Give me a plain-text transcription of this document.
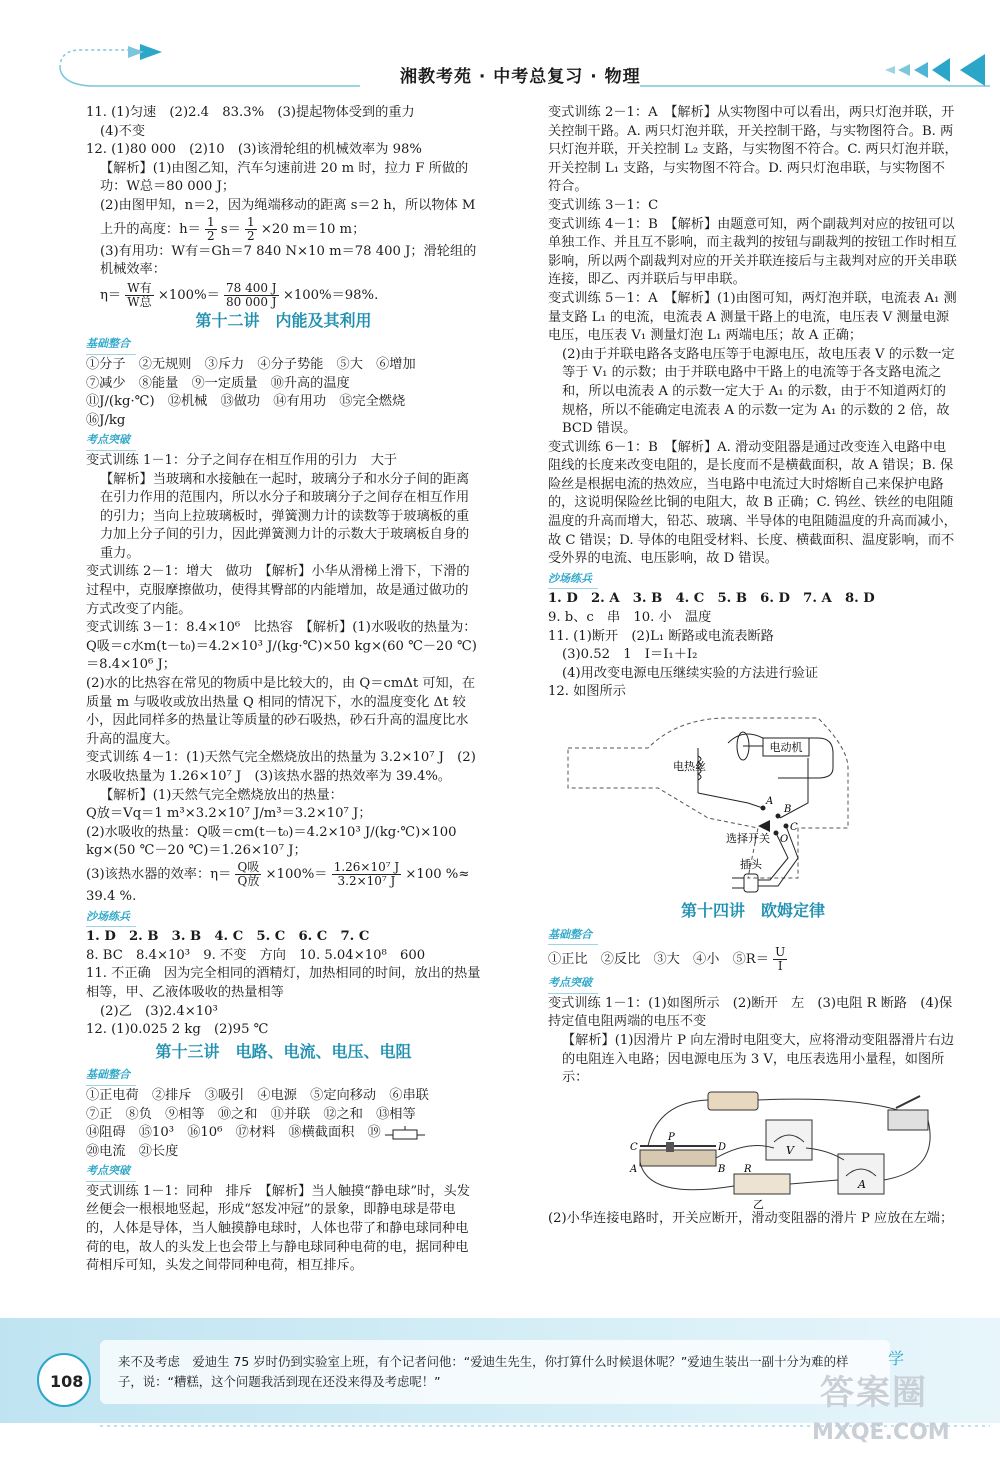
湘教考苑 · 中考总复习 · 物理

11. (1)匀速　(2)2.4　83.3%　(3)提起物体受到的重力

(4)不变

12. (1)80 000　(2)10　(3)该滑轮组的机械效率为 98%

【解析】(1)由图乙知，汽车匀速前进 20 m 时，拉力 F 所做的功：W总＝80 000 J；

(2)由图甲知，n＝2，因为绳端移动的距离 s＝2 h，所以物体 M 上升的高度：$h= \frac{1}{2} s= \frac{1}{2} \times 20$ m＝10 m；

(3)有用功：W有＝Gh＝7 840 N×10 m＝78 400 J；滑轮组的机械效率：

$\eta= \frac{\text{W有}}{\text{W总}} \times 100\%= \frac{78 400 J}{80 000 J} \times 100\%=98\%$.

第十二讲　内能及其利用
基础整合

①分子　②无规则　③斥力　④分子势能　⑤大　⑥增加

⑦减少　⑧能量　⑨一定质量　⑩升高的温度

⑪J/(kg·℃)　⑫机械　⑬做功　⑭有用功　⑮完全燃烧

⑯J/kg

考点突破

变式训练 1－1：分子之间存在相互作用的引力　大于

【解析】当玻璃和水接触在一起时，玻璃分子和水分子间的距离在引力作用的范围内，所以水分子和玻璃分子之间存在相互作用的引力；当向上拉玻璃板时，弹簧测力计的读数等于玻璃板的重力加上分子间的引力，因此弹簧测力计的示数大于玻璃板自身的重力。

变式训练 2－1：增大　做功　【解析】小华从滑梯上滑下，下滑的过程中，克服摩擦做功，使得其臀部的内能增加，故是通过做功的方式改变了内能。

变式训练 3－1：8.4×10⁶　比热容　【解析】(1)水吸收的热量为：Q吸＝c水m(t－t₀)＝4.2×10³ J/(kg·℃)×50 kg×(60 ℃－20 ℃)＝8.4×10⁶ J；

(2)水的比热容在常见的物质中是比较大的，由 Q＝cmΔt 可知，在质量 m 与吸收或放出热量 Q 相同的情况下，水的温度变化 Δt 较小，因此同样多的热量让等质量的砂石吸热，砂石升高的温度比水升高的温度大。

变式训练 4－1：(1)天然气完全燃烧放出的热量为 3.2×10⁷ J　(2)水吸收热量为 1.26×10⁷ J　(3)该热水器的热效率为 39.4%。

【解析】(1)天然气完全燃烧放出的热量：

Q放＝Vq＝1 m³×3.2×10⁷ J/m³＝3.2×10⁷ J；

(2)水吸收的热量：Q吸＝cm(t－t₀)＝4.2×10³ J/(kg·℃)×100 kg×(50 ℃－20 ℃)＝1.26×10⁷ J；

(3)该热水器的效率：$\eta= \frac{\text{Q吸}}{\text{Q放}} \times 100\%= \frac{\text{1.26×10⁷ J}}{\text{3.2×10⁷ J}} \times 100$ %≈

39.4 %.

沙场练兵

1. D　2. B　3. B　4. C　5. C　6. C　7. C

8. BC　8.4×10³　9. 不变　方向　10. 5.04×10⁸　600

11. 不正确　因为完全相同的酒精灯，加热相同的时间，放出的热量相等，甲、乙液体吸收的热量相等

(2)乙　(3)2.4×10³

12. (1)0.025 2 kg　(2)95 ℃

第十三讲　电路、电流、电压、电阻
基础整合

①正电荷　②排斥　③吸引　④电源　⑤定向移动　⑥串联

⑦正　⑧负　⑨相等　⑩之和　⑪并联　⑫之和　⑬相等

⑭阻碍　⑮10³　⑯10⁶　⑰材料　⑱横截面积　⑲

⑳电流　㉑长度

考点突破

变式训练 1－1：同种　排斥　【解析】当人触摸“静电球”时，头发丝便会一根根地竖起，形成“怒发冲冠”的景象，即静电球是带电的，人体是导体，当人触摸静电球时，人体也带了和静电球同种电荷的电，故人的头发上也会带上与静电球同种电荷的电，据同种电荷相斥可知，头发之间带同种电荷，相互排斥。

变式训练 2－1：A　【解析】从实物图中可以看出，两只灯泡并联，开关控制干路。A. 两只灯泡并联，开关控制干路，与实物图符合。B. 两只灯泡并联，开关控制 L₂ 支路，与实物图不符合。C. 两只灯泡并联，开关控制 L₁ 支路，与实物图不符合。D. 两只灯泡串联，与实物图不符合。

变式训练 3－1：C

变式训练 4－1：B　【解析】由题意可知，两个副裁判对应的按钮可以单独工作、并且互不影响，而主裁判的按钮与副裁判的按钮工作时相互影响，所以两个副裁判对应的开关并联连接后与主裁判对应的开关串联连接，即乙、丙并联后与甲串联。

变式训练 5－1：A　【解析】(1)由图可知，两灯泡并联，电流表 A₁ 测量支路 L₁ 的电流，电流表 A 测量干路上的电流，电压表 V 测量电源电压，电压表 V₁ 测量灯泡 L₁ 两端电压；故 A 正确；

(2)由于并联电路各支路电压等于电源电压，故电压表 V 的示数一定等于 V₁ 的示数；由于并联电路中干路上的电流等于各支路电流之和，所以电流表 A 的示数一定大于 A₁ 的示数，由于不知道两灯的规格，所以不能确定电流表 A 的示数一定为 A₁ 的示数的 2 倍，故 BCD 错误。

变式训练 6－1：B　【解析】A. 滑动变阻器是通过改变连入电路中电阻线的长度来改变电阻的，是长度而不是横截面积，故 A 错误；B. 保险丝是根据电流的热效应，当电路中电流过大时熔断自己来保护电路的，这说明保险丝比铜的电阻大，故 B 正确；C. 钨丝、铁丝的电阻随温度的升高而增大，铅芯、玻璃、半导体的电阻随温度的升高而减小，故 C 错误；D. 导体的电阻受材料、长度、横截面积、温度影响，而不受外界的电流、电压影响，故 D 错误。

沙场练兵

1. D　2. A　3. B　4. C　5. B　6. D　7. A　8. D

9. b、c　串　10. 小　温度

11. (1)断开　(2)L₁ 断路或电流表断路

(3)0.52　1　I＝I₁＋I₂

(4)用改变电源电压继续实验的方法进行验证

12. 如图所示

电动机
电热丝
A
B
C
O
选择开关
插头
第十四讲　欧姆定律
基础整合

①正比　②反比　③大　④小　⑤R＝ $\frac{U}{I}$

考点突破

变式训练 1－1：(1)如图所示　(2)断开　左　(3)电阻 R 断路　(4)保持定值电阻两端的电压不变

【解析】(1)因滑片 P 向左滑时电阻变大，应将滑动变阻器滑片右边的电阻连入电路；因电源电压为 3 V，电压表选用小量程，如图所示：

P
C	D
A	B
V
A
R
乙

(2)小华连接电路时，开关应断开，滑动变阻器的滑片 P 应放在左端；

108
来不及考虑　爱迪生 75 岁时仍到实验室上班，有个记者问他：“爱迪生先生，你打算什么时候退休呢？”爱迪生装出一副十分为难的样子，说：“糟糕，这个问题我活到现在还没来得及考虑呢！”	答案圈
MXQE.COM
学
